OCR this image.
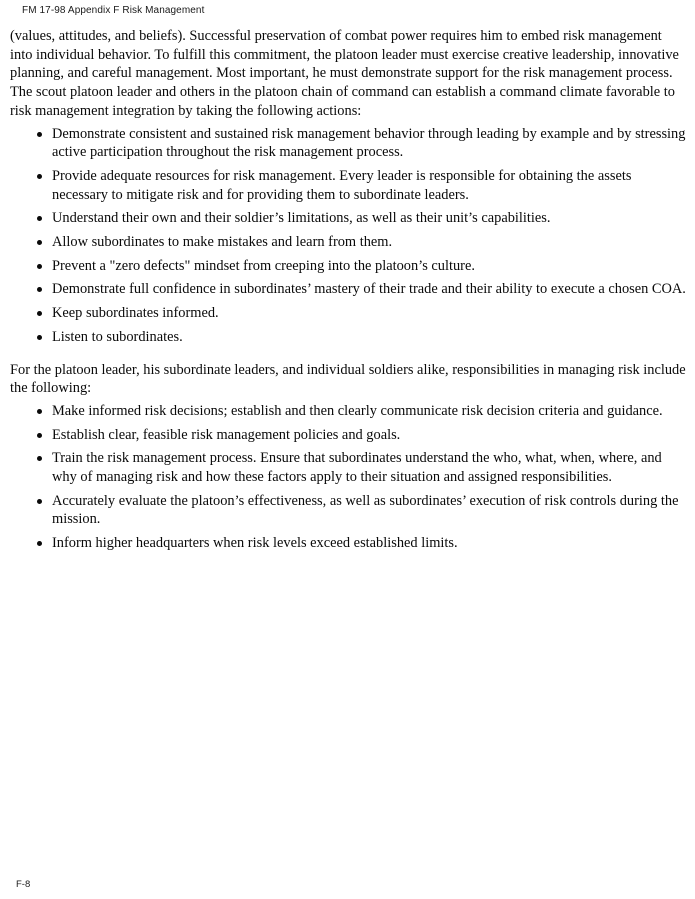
FM 17-98 Appendix F Risk Management

(values, attitudes, and beliefs). Successful preservation of combat power requires him to embed risk management into individual behavior. To fulfill this commitment, the platoon leader must exercise creative leadership, innovative planning, and careful management. Most important, he must demonstrate support for the risk management process. The scout platoon leader and others in the platoon chain of command can establish a command climate favorable to risk management integration by taking the following actions:

Demonstrate consistent and sustained risk management behavior through leading by example and by stressing active participation throughout the risk management process.
Provide adequate resources for risk management. Every leader is responsible for obtaining the assets necessary to mitigate risk and for providing them to subordinate leaders.
Understand their own and their soldier’s limitations, as well as their unit’s capabilities.
Allow subordinates to make mistakes and learn from them.
Prevent a "zero defects" mindset from creeping into the platoon’s culture.
Demonstrate full confidence in subordinates’ mastery of their trade and their ability to execute a chosen COA.
Keep subordinates informed.
Listen to subordinates.

For the platoon leader, his subordinate leaders, and individual soldiers alike, responsibilities in managing risk include the following:

Make informed risk decisions; establish and then clearly communicate risk decision criteria and guidance.
Establish clear, feasible risk management policies and goals.
Train the risk management process. Ensure that subordinates understand the who, what, when, where, and why of managing risk and how these factors apply to their situation and assigned responsibilities.
Accurately evaluate the platoon’s effectiveness, as well as subordinates’ execution of risk controls during the mission.
Inform higher headquarters when risk levels exceed established limits.
F-8
